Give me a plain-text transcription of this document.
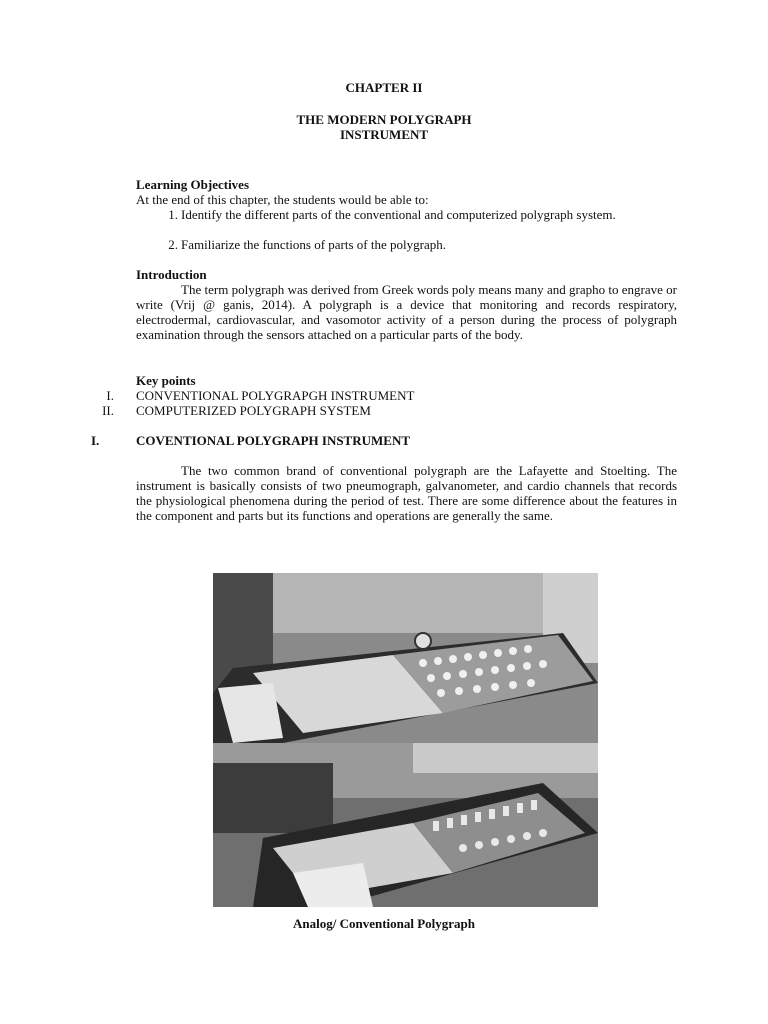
CHAPTER II
THE MODERN POLYGRAPH
INSTRUMENT
Learning Objectives
At the end of this chapter, the students would be able to:
1. Identify the different parts of the conventional and computerized polygraph system.
2. Familiarize the functions of parts of the polygraph.
Introduction
The term polygraph was derived from Greek words poly means many and grapho to engrave or write (Vrij @ ganis, 2014). A polygraph is a device that monitoring and records respiratory, electrodermal, cardiovascular, and vasomotor activity of a person during the process of polygraph examination through the sensors attached on a particular parts of the body.
Key points
I. CONVENTIONAL POLYGRAPGH INSTRUMENT
II. COMPUTERIZED POLYGRAPH SYSTEM
I.	COVENTIONAL POLYGRAPH INSTRUMENT
The two common brand of conventional polygraph are the Lafayette and Stoelting. The instrument is basically consists of two pneumograph, galvanometer, and cardio channels that records the physiological phenomena during the period of test. There are some difference about the features in the component and parts but its functions and operations are generally the same.
Analog/ Conventional Polygraph
